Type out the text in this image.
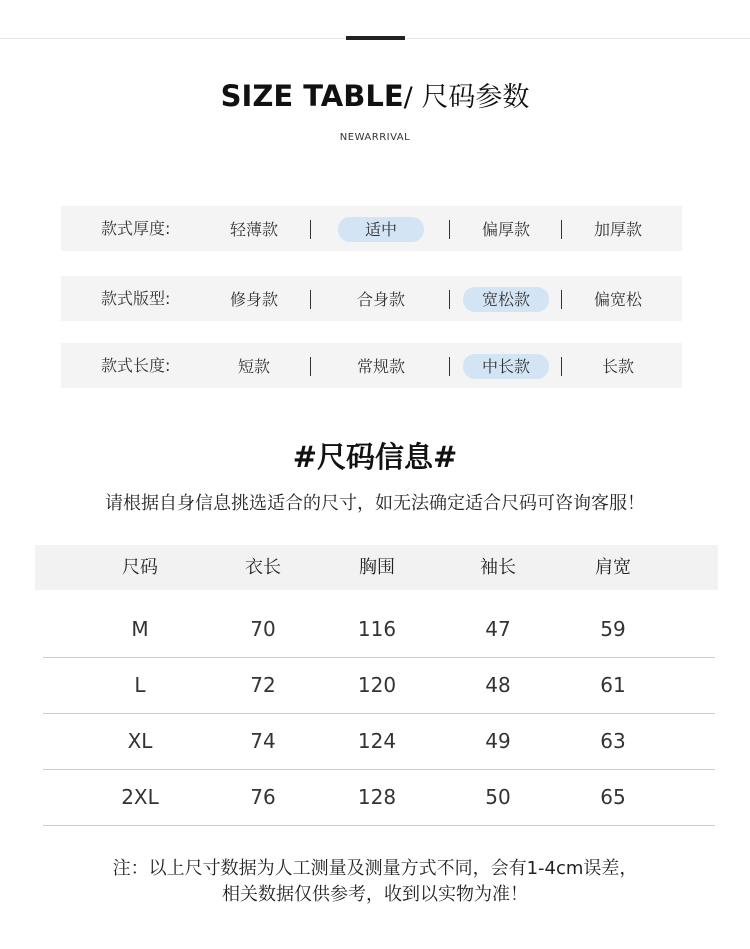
SIZE TABLE/ 尺码参数
NEWARRIVAL
款式厚度:	轻薄款	适中	偏厚款	加厚款
款式版型:	修身款	合身款	宽松款	偏宽松
款式长度:	短款	常规款	中长款	长款
#尺码信息#
请根据自身信息挑选适合的尺寸，如无法确定适合尺码可咨询客服！
尺码	衣长	胸围	袖长	肩宽
M	70	116	47	59
L	72	120	48	61
XL	74	124	49	63
2XL	76	128	50	65
注：以上尺寸数据为人工测量及测量方式不同，会有1-4cm误差，
相关数据仅供参考，收到以实物为准！
